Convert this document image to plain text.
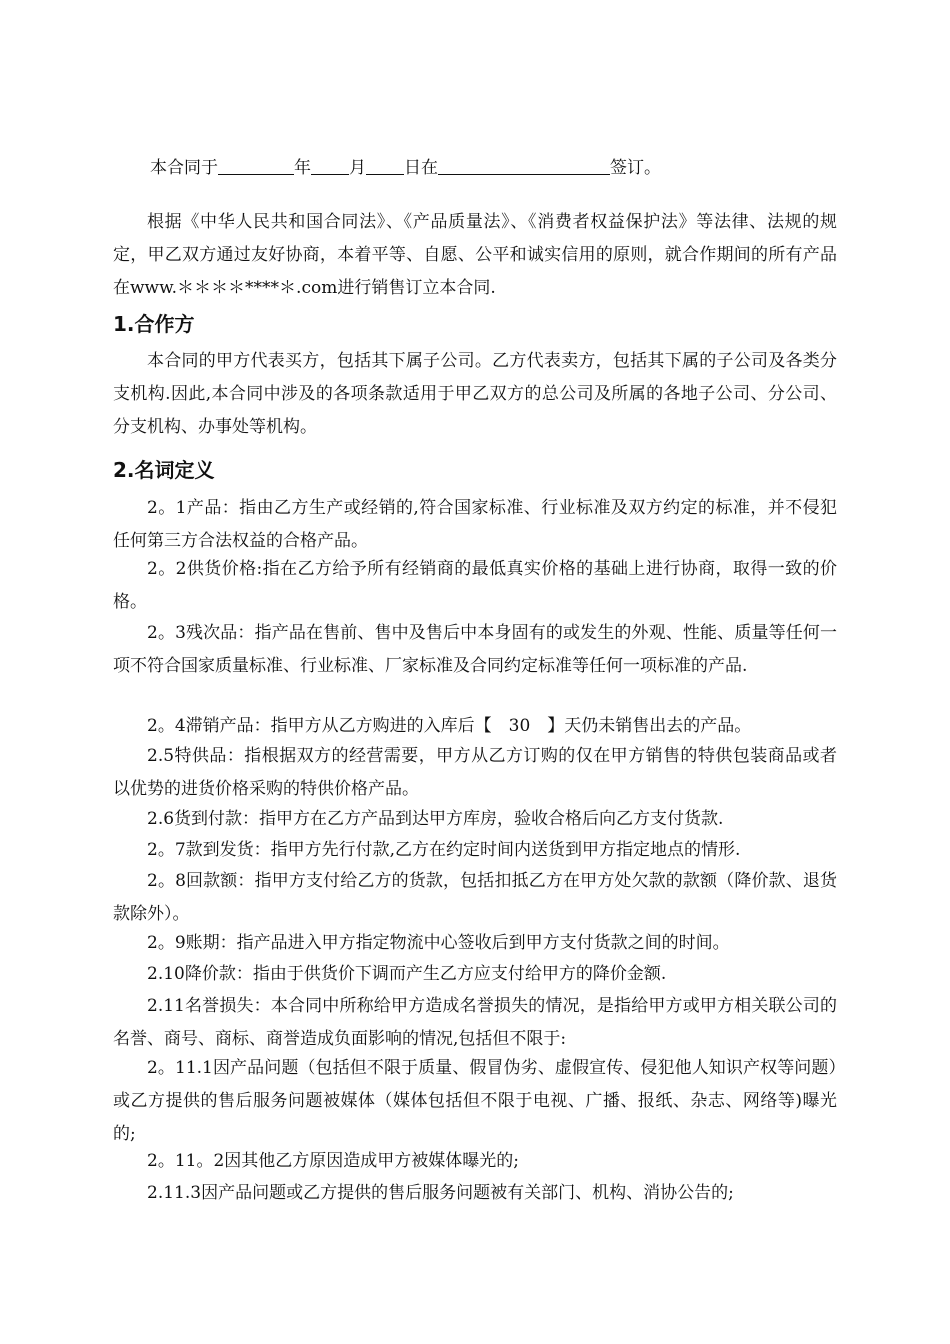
本合同于	年 月 日在	签订。
根据《中华人民共和国合同法》、《产品质量法》、《消费者权益保护法》等法律、法规的规定，甲乙双方通过友好协商，本着平等、自愿、公平和诚实信用的原则，就合作期间的所有产品在www.＊＊＊＊****＊.com进行销售订立本合同.
1.合作方
本合同的甲方代表买方，包括其下属子公司。乙方代表卖方，包括其下属的子公司及各类分支机构.因此,本合同中涉及的各项条款适用于甲乙双方的总公司及所属的各地子公司、分公司、分支机构、办事处等机构。
2.名词定义
2。1产品：指由乙方生产或经销的,符合国家标准、行业标准及双方约定的标准，并不侵犯任何第三方合法权益的合格产品。
2。2供货价格:指在乙方给予所有经销商的最低真实价格的基础上进行协商，取得一致的价格。
2。3残次品：指产品在售前、售中及售后中本身固有的或发生的外观、性能、质量等任何一项不符合国家质量标准、行业标准、厂家标准及合同约定标准等任何一项标准的产品.
2。4滞销产品：指甲方从乙方购进的入库后【　30　】天仍未销售出去的产品。
2.5特供品：指根据双方的经营需要，甲方从乙方订购的仅在甲方销售的特供包装商品或者以优势的进货价格采购的特供价格产品。
2.6货到付款：指甲方在乙方产品到达甲方库房，验收合格后向乙方支付货款.
2。7款到发货：指甲方先行付款,乙方在约定时间内送货到甲方指定地点的情形.
2。8回款额：指甲方支付给乙方的货款，包括扣抵乙方在甲方处欠款的款额（降价款、退货款除外）。
2。9账期：指产品进入甲方指定物流中心签收后到甲方支付货款之间的时间。
2.10降价款：指由于供货价下调而产生乙方应支付给甲方的降价金额.
2.11名誉损失：本合同中所称给甲方造成名誉损失的情况，是指给甲方或甲方相关联公司的名誉、商号、商标、商誉造成负面影响的情况,包括但不限于:
2。11.1因产品问题（包括但不限于质量、假冒伪劣、虚假宣传、侵犯他人知识产权等问题）或乙方提供的售后服务问题被媒体（媒体包括但不限于电视、广播、报纸、杂志、网络等)曝光的;
2。11。2因其他乙方原因造成甲方被媒体曝光的;
2.11.3因产品问题或乙方提供的售后服务问题被有关部门、机构、消协公告的;
